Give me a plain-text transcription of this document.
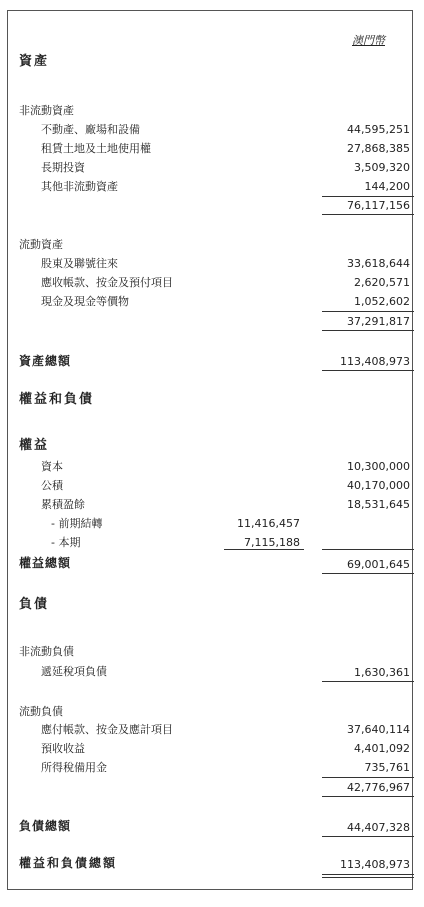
澳門幣
資產
非流動資產
不動產、廠場和設備	44,595,251
租賃土地及土地使用權	27,868,385
長期投資	3,509,320
其他非流動資產	144,200
76,117,156
流動資產
股東及聯號往來	33,618,644
應收帳款、按金及預付項目	2,620,571
現金及現金等價物	1,052,602
37,291,817
資產總額	113,408,973
權益和負債
權益
資本	10,300,000
公積	40,170,000
累積盈餘	18,531,645
- 前期結轉	11,416,457
- 本期	7,115,188
權益總額	69,001,645
負債
非流動負債
遞延稅項負債	1,630,361
流動負債
應付帳款、按金及應計項目	37,640,114
預收收益	4,401,092
所得稅備用金	735,761
42,776,967
負債總額	44,407,328
權益和負債總額	113,408,973
